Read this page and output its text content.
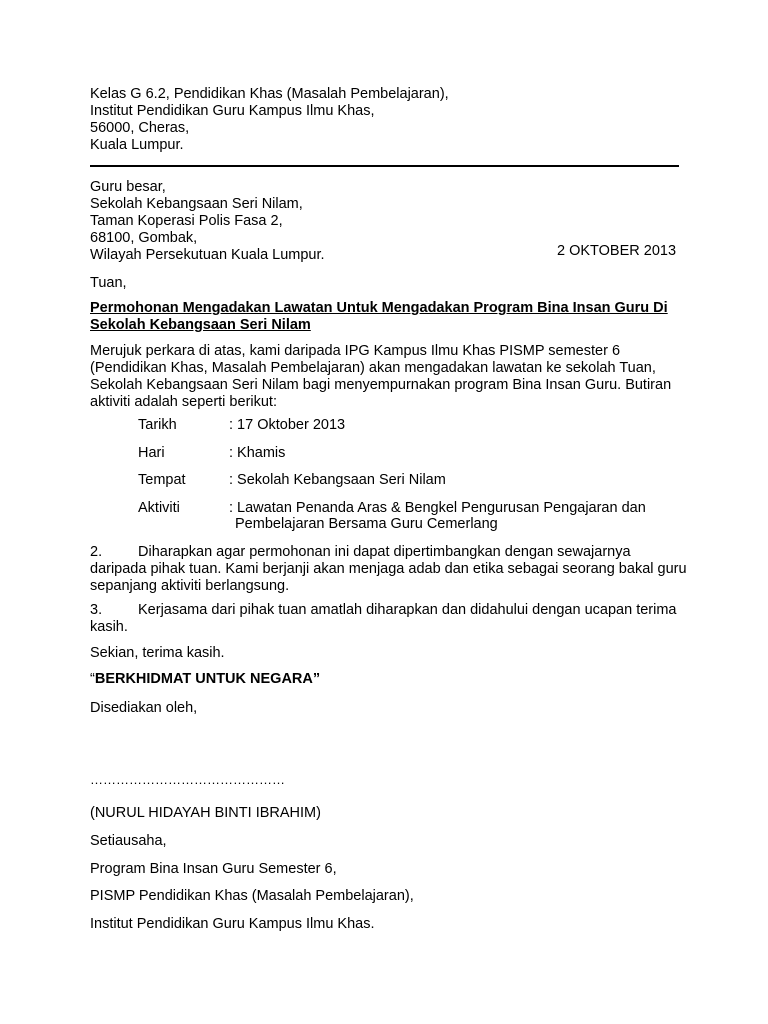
Kelas G 6.2, Pendidikan Khas (Masalah Pembelajaran),
Institut Pendidikan Guru Kampus Ilmu Khas,
56000, Cheras,
Kuala Lumpur.
Guru besar,
Sekolah Kebangsaan Seri Nilam,
Taman Koperasi Polis Fasa 2,
68100, Gombak,
Wilayah Persekutuan Kuala Lumpur.	2 OKTOBER 2013
Tuan,
Permohonan Mengadakan Lawatan Untuk Mengadakan Program Bina Insan Guru Di
Sekolah Kebangsaan Seri Nilam
Merujuk perkara di atas, kami daripada IPG Kampus Ilmu Khas PISMP semester 6
(Pendidikan Khas, Masalah Pembelajaran) akan mengadakan lawatan ke sekolah Tuan,
Sekolah Kebangsaan Seri Nilam bagi menyempurnakan program Bina Insan Guru. Butiran
aktiviti adalah seperti berikut:
Tarikh	: 17 Oktober 2013
Hari	: Khamis
Tempat	: Sekolah Kebangsaan Seri Nilam
Aktiviti	: Lawatan Penanda Aras & Bengkel Pengurusan Pengajaran dan
Pembelajaran Bersama Guru Cemerlang
2. Diharapkan agar permohonan ini dapat dipertimbangkan dengan sewajarnya
daripada pihak tuan. Kami berjanji akan menjaga adab dan etika sebagai seorang bakal guru
sepanjang aktiviti berlangsung.
3. Kerjasama dari pihak tuan amatlah diharapkan dan didahului dengan ucapan terima
kasih.
Sekian, terima kasih.
“BERKHIDMAT UNTUK NEGARA”
Disediakan oleh,
………………………………………
(NURUL HIDAYAH BINTI IBRAHIM)
Setiausaha,
Program Bina Insan Guru Semester 6,
PISMP Pendidikan Khas (Masalah Pembelajaran),
Institut Pendidikan Guru Kampus Ilmu Khas.
